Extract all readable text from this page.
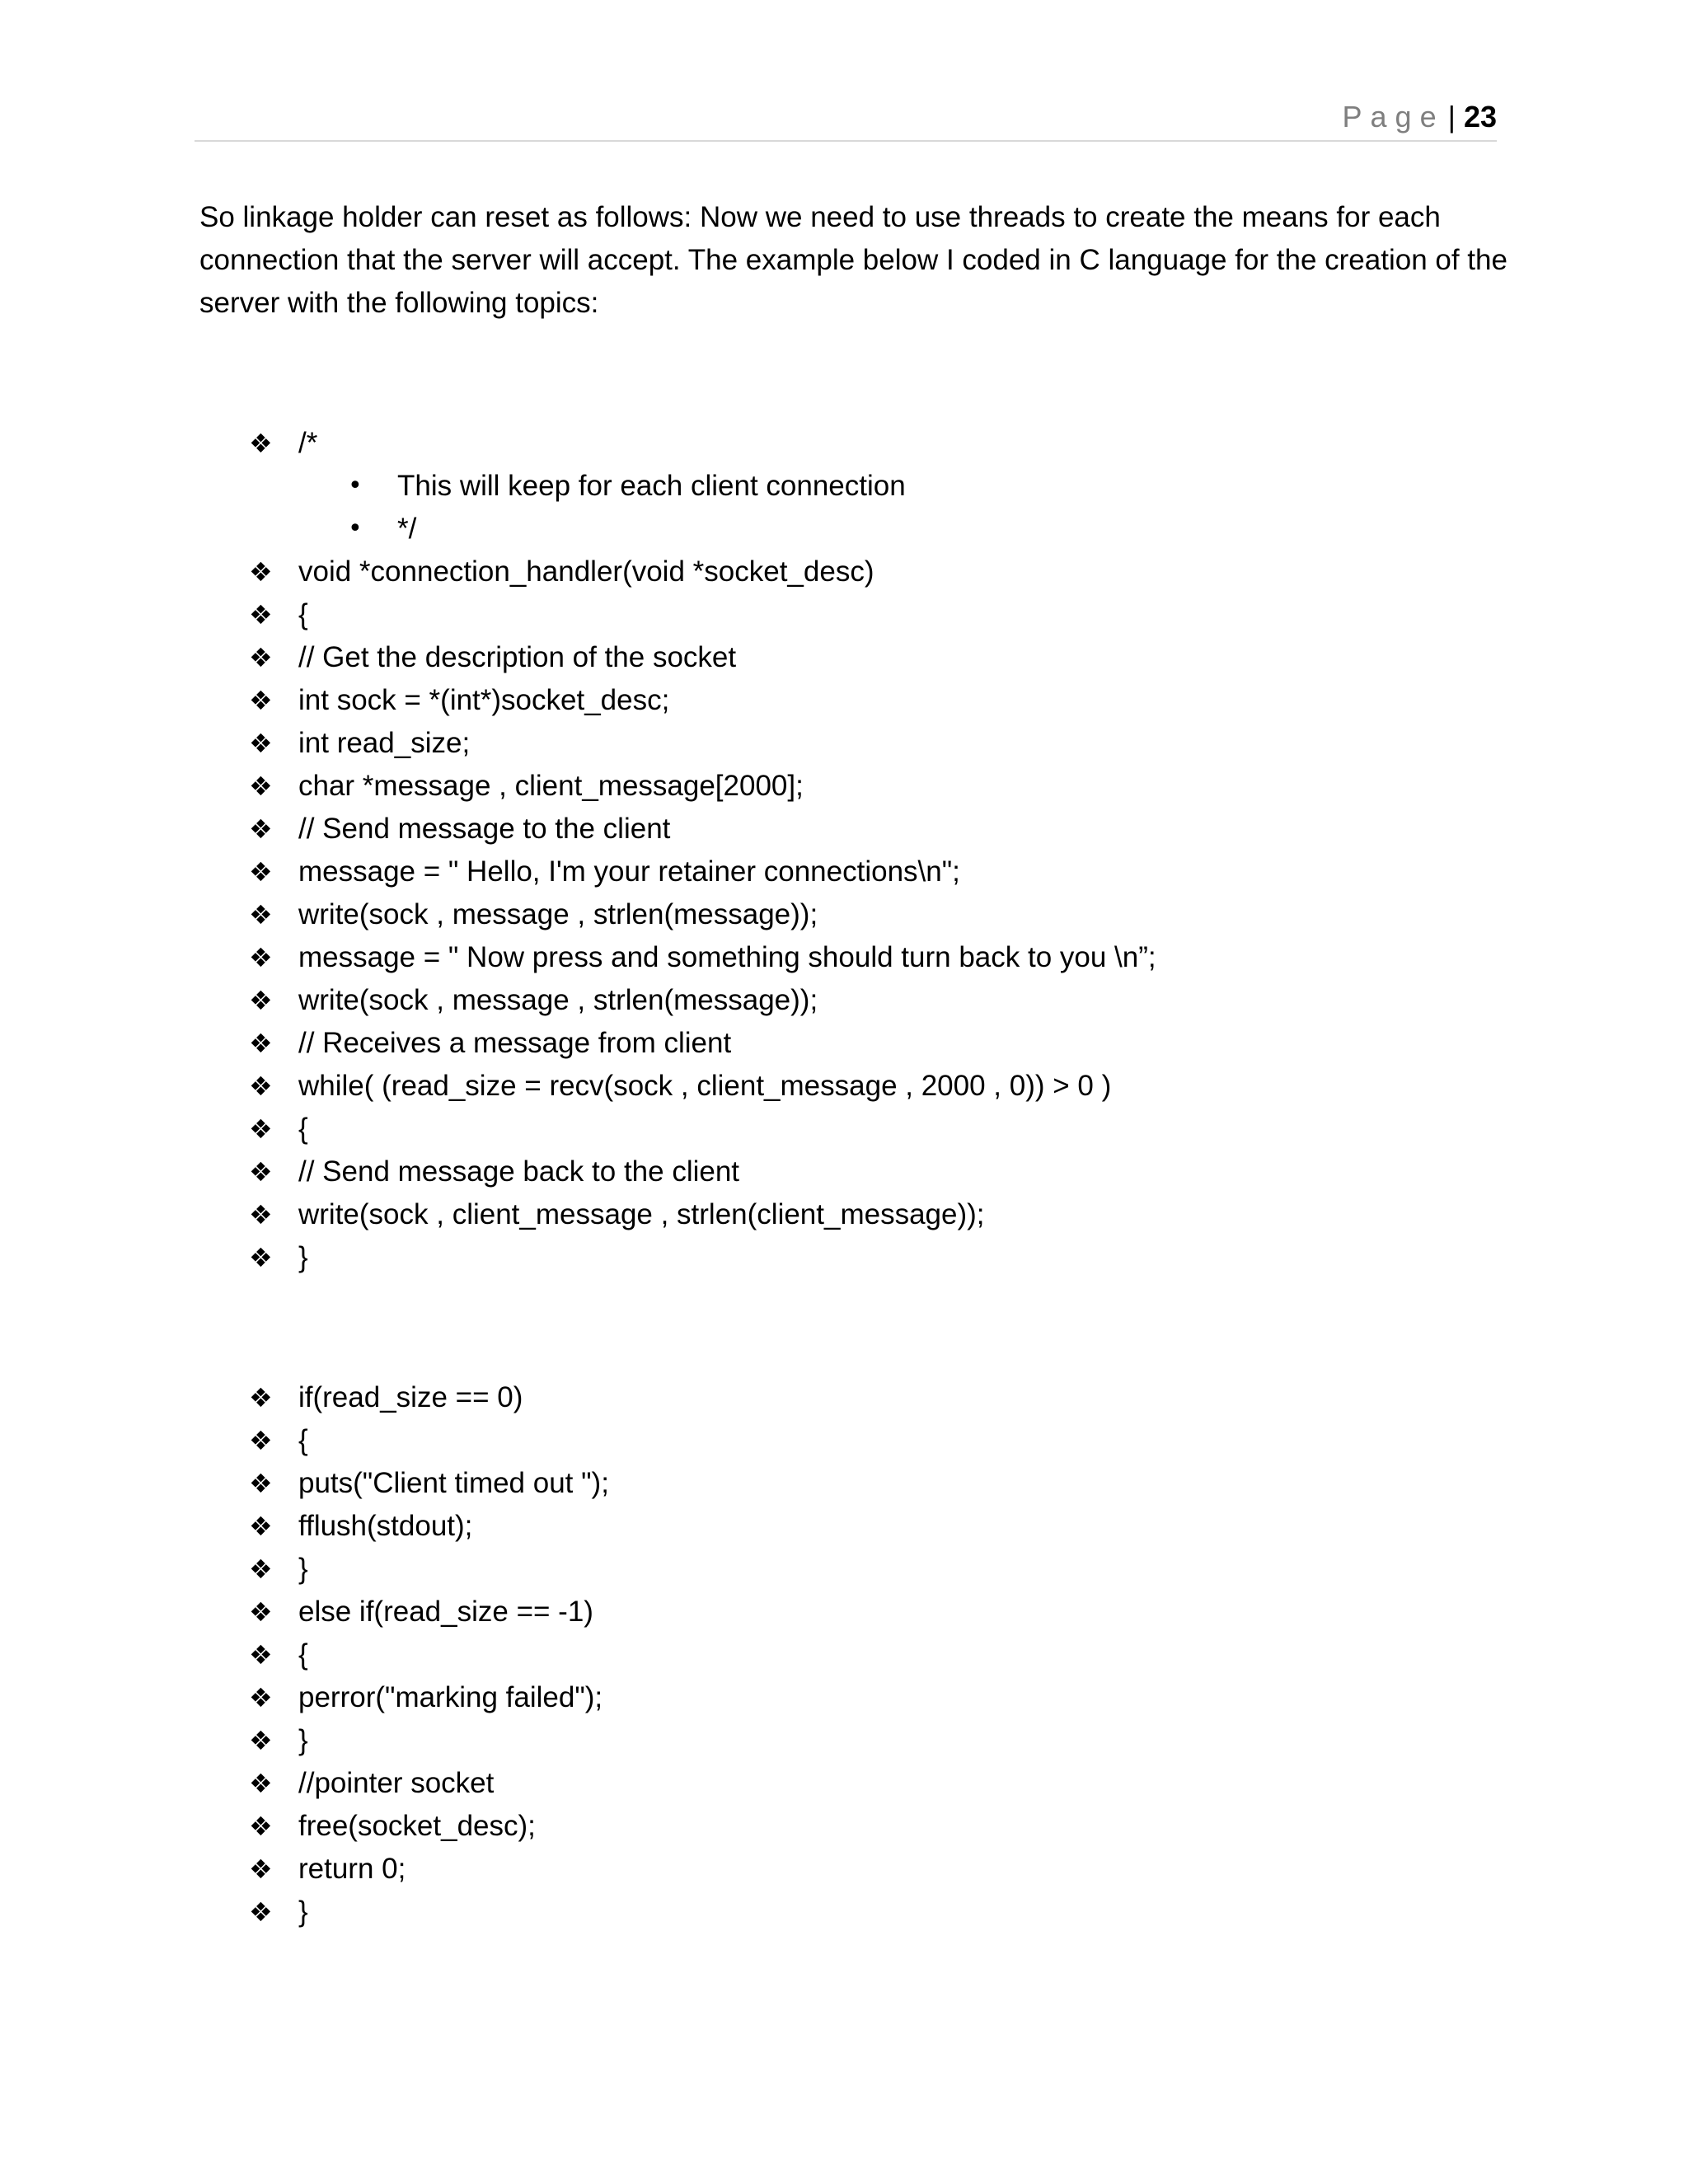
Page | 23
So linkage holder can reset as follows: Now we need to use threads to create the means for each
connection that the server will accept. The example below I coded in C language for the creation of the
server with the following topics:
❖ /*
• This will keep for each client connection
• */
❖ void *connection_handler(void *socket_desc)
❖ {
❖ // Get the description of the socket
❖ int sock = *(int*)socket_desc;
❖ int read_size;
❖ char *message , client_message[2000];
❖ // Send message to the client
❖ message = " Hello, I'm your retainer connections\n";
❖ write(sock , message , strlen(message));
❖ message = " Now press and something should turn back to you \n”;
❖ write(sock , message , strlen(message));
❖ // Receives a message from client
❖ while( (read_size = recv(sock , client_message , 2000 , 0)) > 0 )
❖ {
❖ // Send message back to the client
❖ write(sock , client_message , strlen(client_message));
❖ }
❖ if(read_size == 0)
❖ {
❖ puts("Client timed out ");
❖ fflush(stdout);
❖ }
❖ else if(read_size == -1)
❖ {
❖ perror("marking failed");
❖ }
❖ //pointer socket
❖ free(socket_desc);
❖ return 0;
❖ }
